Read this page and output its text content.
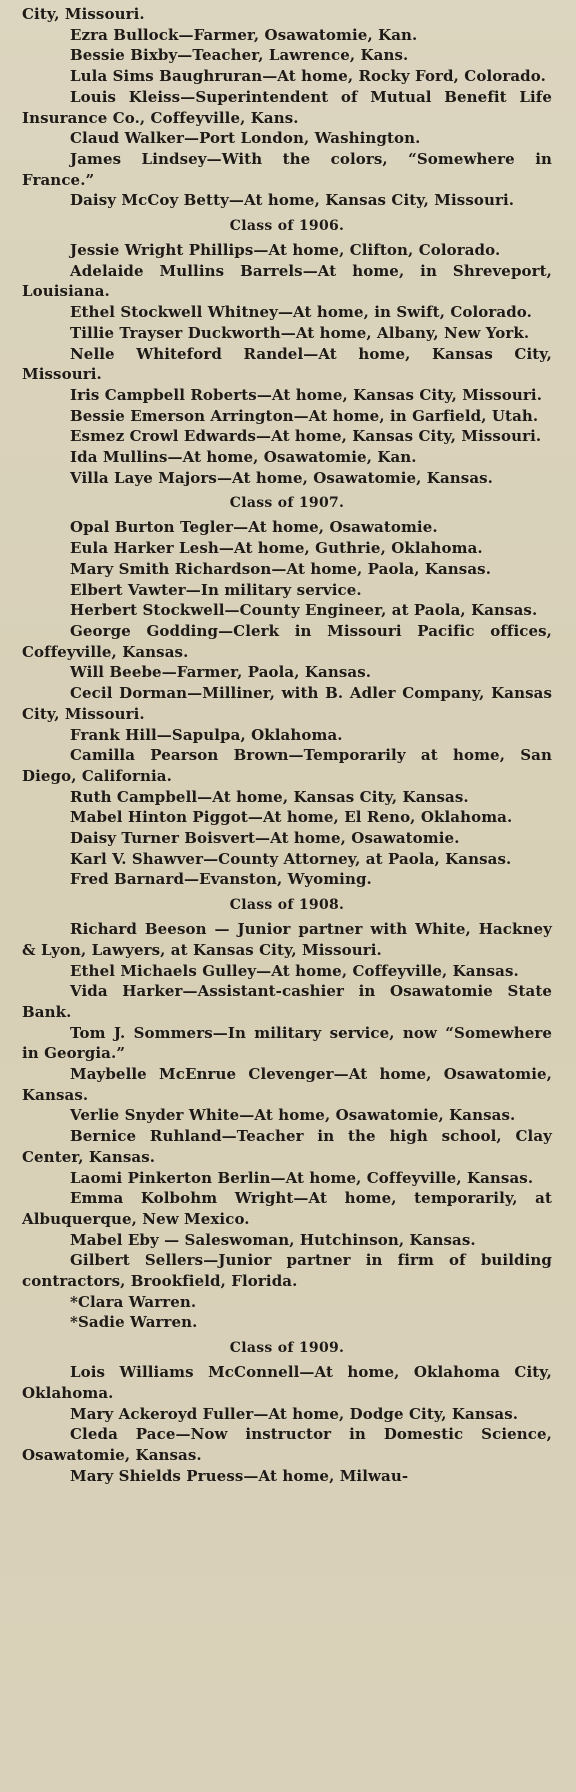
City, Missouri.

Ezra Bullock—Farmer, Osawatomie, Kan.

Bessie Bixby—Teacher, Lawrence, Kans.

Lula Sims Baughruran—At home, Rocky Ford, Colorado.

Louis Kleiss—Superintendent of Mutual Benefit Life Insurance Co., Coffeyville, Kans.

Claud Walker—Port London, Washington.

James Lindsey—With the colors, “Somewhere in France.”

Daisy McCoy Betty—At home, Kansas City, Missouri.

Class of 1906.

Jessie Wright Phillips—At home, Clifton, Colorado.

Adelaide Mullins Barrels—At home, in Shreveport, Louisiana.

Ethel Stockwell Whitney—At home, in Swift, Colorado.

Tillie Trayser Duckworth—At home, Albany, New York.

Nelle Whiteford Randel—At home, Kansas City, Missouri.

Iris Campbell Roberts—At home, Kansas City, Missouri.

Bessie Emerson Arrington—At home, in Garfield, Utah.

Esmez Crowl Edwards—At home, Kansas City, Missouri.

Ida Mullins—At home, Osawatomie, Kan.

Villa Laye Majors—At home, Osawatomie, Kansas.

Class of 1907.

Opal Burton Tegler—At home, Osawatomie.

Eula Harker Lesh—At home, Guthrie, Oklahoma.

Mary Smith Richardson—At home, Paola, Kansas.

Elbert Vawter—In military service.

Herbert Stockwell—County Engineer, at Paola, Kansas.

George Godding—Clerk in Missouri Pacific offices, Coffeyville, Kansas.

Will Beebe—Farmer, Paola, Kansas.

Cecil Dorman—Milliner, with B. Adler Company, Kansas City, Missouri.

Frank Hill—Sapulpa, Oklahoma.

Camilla Pearson Brown—Temporarily at home, San Diego, California.

Ruth Campbell—At home, Kansas City, Kansas.

Mabel Hinton Piggot—At home, El Reno, Oklahoma.

Daisy Turner Boisvert—At home, Osawatomie.

Karl V. Shawver—County Attorney, at Paola, Kansas.

Fred Barnard—Evanston, Wyoming.

Class of 1908.

Richard Beeson — Junior partner with White, Hackney & Lyon, Lawyers, at Kansas City, Missouri.

Ethel Michaels Gulley—At home, Coffeyville, Kansas.

Vida Harker—Assistant-cashier in Osawatomie State Bank.

Tom J. Sommers—In military service, now “Somewhere in Georgia.”

Maybelle McEnrue Clevenger—At home, Osawatomie, Kansas.

Verlie Snyder White—At home, Osawatomie, Kansas.

Bernice Ruhland—Teacher in the high school, Clay Center, Kansas.

Laomi Pinkerton Berlin—At home, Coffeyville, Kansas.

Emma Kolbohm Wright—At home, temporarily, at Albuquerque, New Mexico.

Mabel Eby — Saleswoman, Hutchinson, Kansas.

Gilbert Sellers—Junior partner in firm of building contractors, Brookfield, Florida.

*Clara Warren.

*Sadie Warren.

Class of 1909.

Lois Williams McConnell—At home, Oklahoma City, Oklahoma.

Mary Ackeroyd Fuller—At home, Dodge City, Kansas.

Cleda Pace—Now instructor in Domestic Science, Osawatomie, Kansas.

Mary Shields Pruess—At home, Milwau-
